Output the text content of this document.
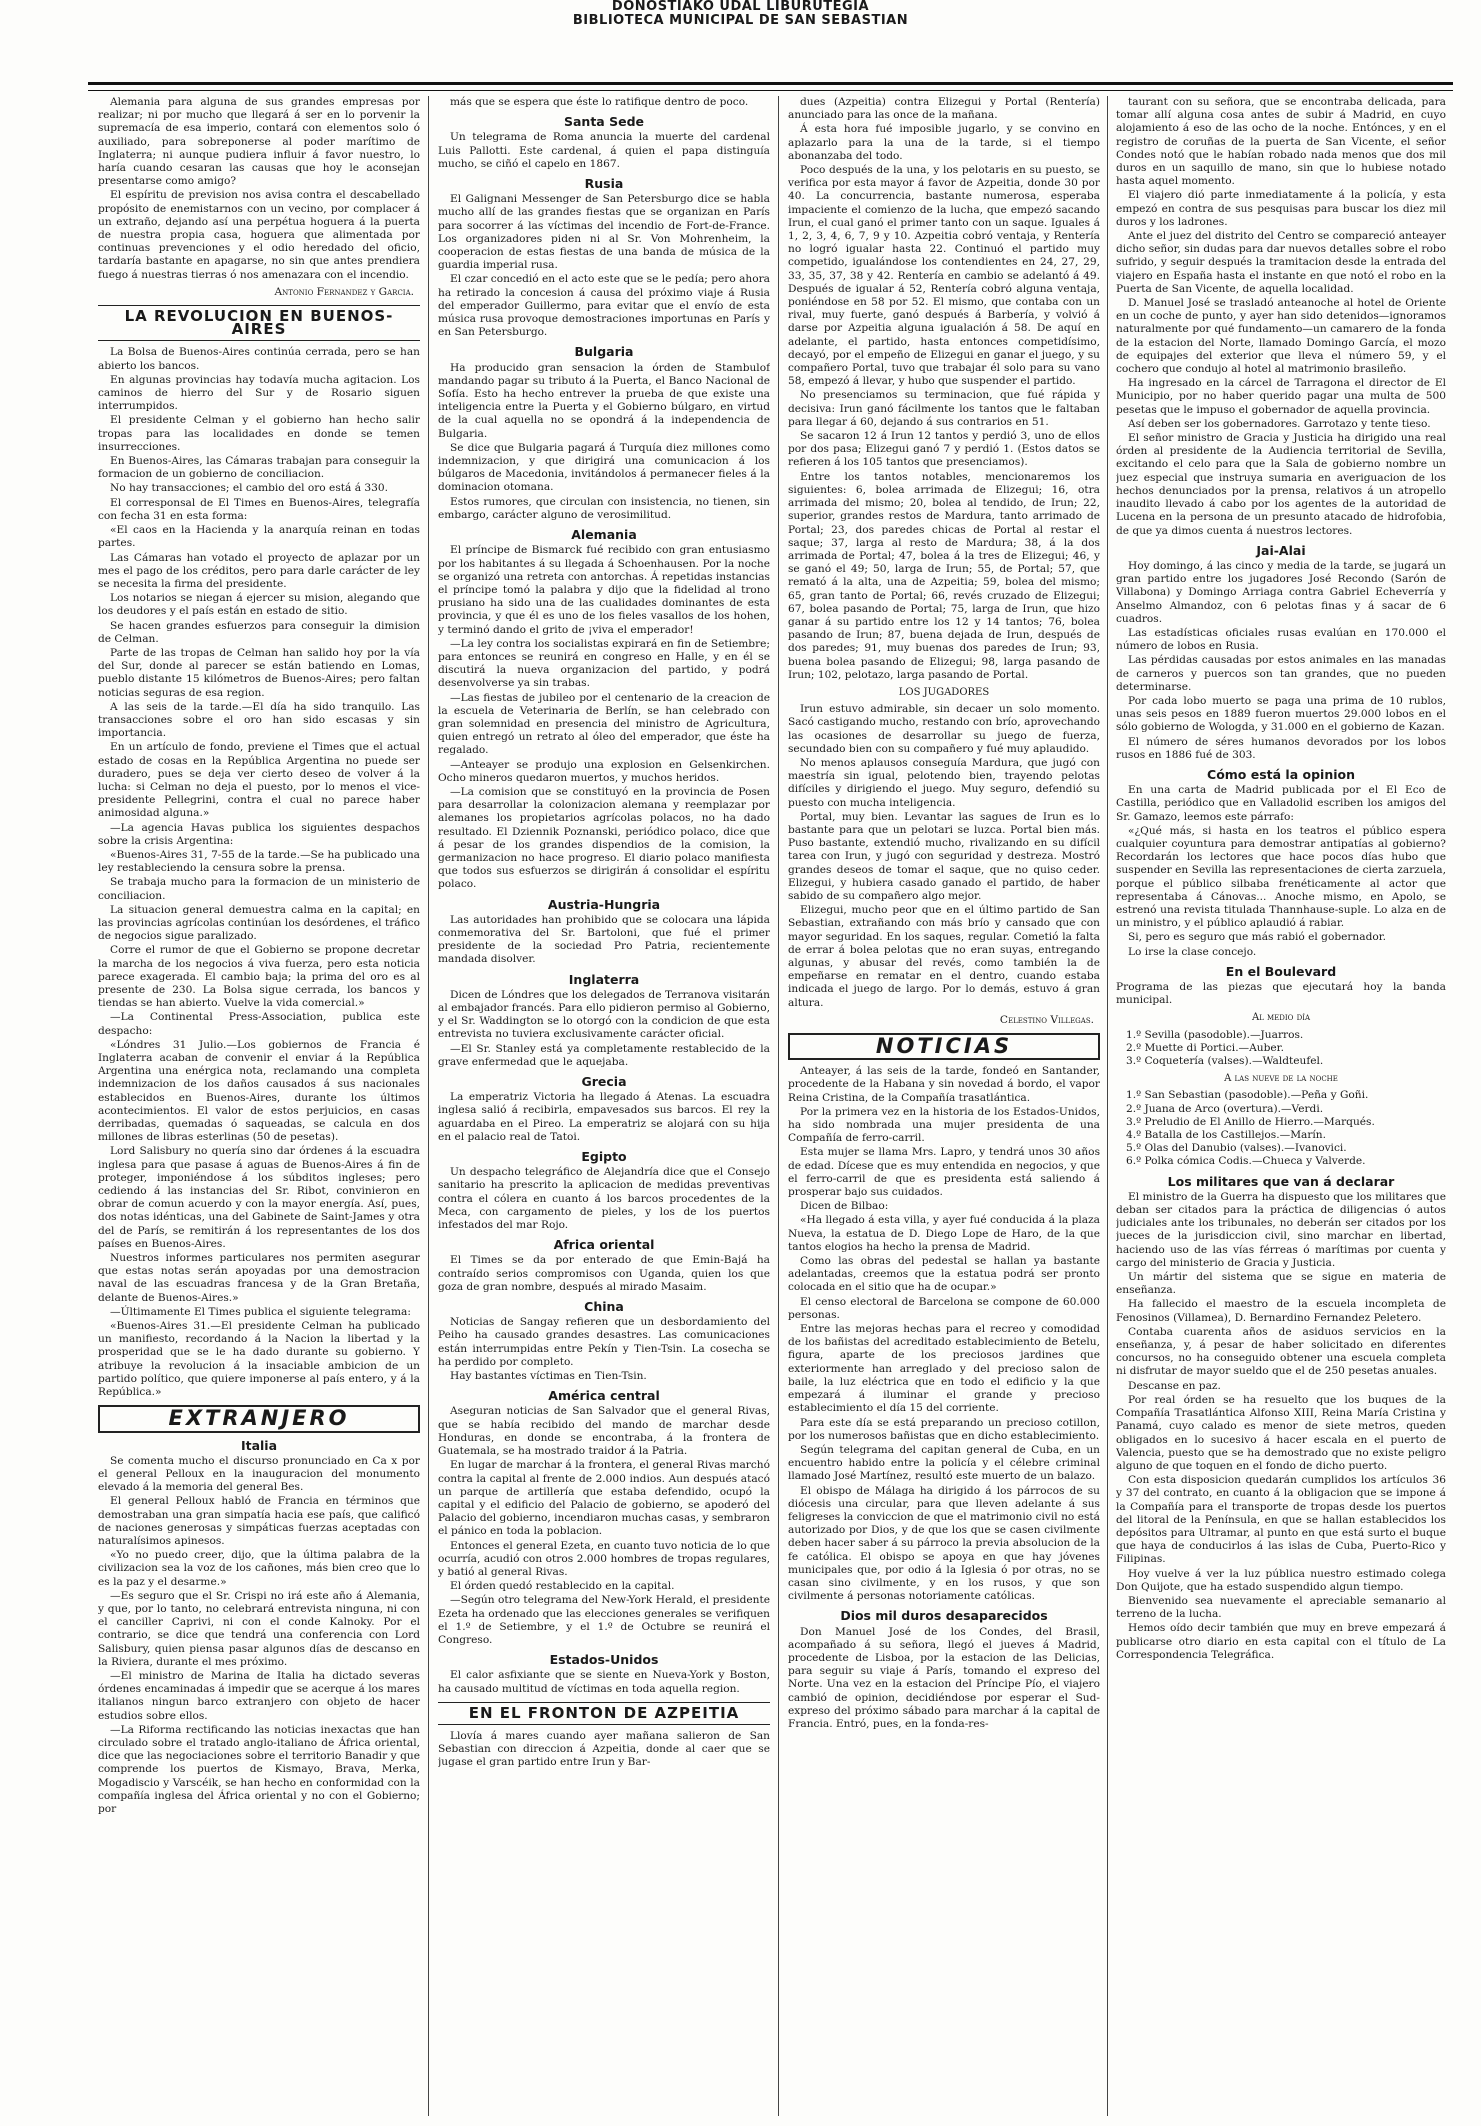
DONOSTIAKO UDAL LIBURUTEGIA
BIBLIOTECA MUNICIPAL DE SAN SEBASTIAN

Alemania para alguna de sus grandes empresas por realizar; ni por mucho que llegará á ser en lo porvenir la supremacía de esa imperio, contará con elementos solo ó auxiliado, para sobreponerse al poder marítimo de Inglaterra; ni aunque pudiera influir á favor nuestro, lo haría cuando cesaran las causas que hoy le aconsejan presentarse como amigo?

El espíritu de prevision nos avisa contra el descabellado propósito de enemistarnos con un vecino, por complacer á un extraño, dejando así una perpétua hoguera á la puerta de nuestra propia casa, hoguera que alimentada por continuas prevenciones y el odio heredado del oficio, tardaría bastante en apagarse, no sin que antes prendiera fuego á nuestras tierras ó nos amenazara con el incendio.

Antonio Fernandez y Garcia.

LA REVOLUCION EN BUENOS-AIRES

La Bolsa de Buenos-Aires continúa cerrada, pero se han abierto los bancos.

En algunas provincias hay todavía mucha agitacion. Los caminos de hierro del Sur y de Rosario siguen interrumpidos.

El presidente Celman y el gobierno han hecho salir tropas para las localidades en donde se temen insurrecciones.

En Buenos-Aires, las Cámaras trabajan para conseguir la formacion de un gobierno de conciliacion.

No hay transacciones; el cambio del oro está á 330.

El corresponsal de El Times en Buenos-Aires, telegrafía con fecha 31 en esta forma:

«El caos en la Hacienda y la anarquía reinan en todas partes.

Las Cámaras han votado el proyecto de aplazar por un mes el pago de los créditos, pero para darle carácter de ley se necesita la firma del presidente.

Los notarios se niegan á ejercer su mision, alegando que los deudores y el país están en estado de sitio.

Se hacen grandes esfuerzos para conseguir la dimision de Celman.

Parte de las tropas de Celman han salido hoy por la vía del Sur, donde al parecer se están batiendo en Lomas, pueblo distante 15 kilómetros de Buenos-Aires; pero faltan noticias seguras de esa region.

A las seis de la tarde.—El día ha sido tranquilo. Las transacciones sobre el oro han sido escasas y sin importancia.

En un artículo de fondo, previene el Times que el actual estado de cosas en la República Argentina no puede ser duradero, pues se deja ver cierto deseo de volver á la lucha: si Celman no deja el puesto, por lo menos el vice-presidente Pellegrini, contra el cual no parece haber animosidad alguna.»

—La agencia Havas publica los siguientes despachos sobre la crisis Argentina:

«Buenos-Aires 31, 7-55 de la tarde.—Se ha publicado una ley restableciendo la censura sobre la prensa.

Se trabaja mucho para la formacion de un ministerio de conciliacion.

La situacion general demuestra calma en la capital; en las provincias agrícolas continúan los desórdenes, el tráfico de negocios sigue paralizado.

Corre el rumor de que el Gobierno se propone decretar la marcha de los negocios á viva fuerza, pero esta noticia parece exagerada. El cambio baja; la prima del oro es al presente de 230. La Bolsa sigue cerrada, los bancos y tiendas se han abierto. Vuelve la vida comercial.»

—La Continental Press-Association, publica este despacho:

«Lóndres 31 Julio.—Los gobiernos de Francia é Inglaterra acaban de convenir el enviar á la República Argentina una enérgica nota, reclamando una completa indemnizacion de los daños causados á sus nacionales establecidos en Buenos-Aires, durante los últimos acontecimientos. El valor de estos perjuicios, en casas derribadas, quemadas ó saqueadas, se calcula en dos millones de libras esterlinas (50 de pesetas).

Lord Salisbury no quería sino dar órdenes á la escuadra inglesa para que pasase á aguas de Buenos-Aires á fin de proteger, imponiéndose á los súbditos ingleses; pero cediendo á las instancias del Sr. Ribot, convinieron en obrar de comun acuerdo y con la mayor energía. Así, pues, dos notas idénticas, una del Gabinete de Saint-James y otra del de París, se remitirán á los representantes de los dos países en Buenos-Aires.

Nuestros informes particulares nos permiten asegurar que estas notas serán apoyadas por una demostracion naval de las escuadras francesa y de la Gran Bretaña, delante de Buenos-Aires.»

—Últimamente El Times publica el siguiente telegrama:

«Buenos-Aires 31.—El presidente Celman ha publicado un manifiesto, recordando á la Nacion la libertad y la prosperidad que se le ha dado durante su gobierno. Y atribuye la revolucion á la insaciable ambicion de un partido político, que quiere imponerse al país entero, y á la República.»

EXTRANJERO
Italia

Se comenta mucho el discurso pronunciado en Ca x por el general Pelloux en la inauguracion del monumento elevado á la memoria del general Bes.

El general Pelloux habló de Francia en términos que demostraban una gran simpatía hacia ese país, que calificó de naciones generosas y simpáticas fuerzas aceptadas con naturalísimos apinesos.

«Yo no puedo creer, dijo, que la última palabra de la civilizacion sea la voz de los cañones, más bien creo que lo es la paz y el desarme.»

—Es seguro que el Sr. Crispi no irá este año á Alemania, y que, por lo tanto, no celebrará entrevista ninguna, ni con el canciller Caprivi, ni con el conde Kalnoky. Por el contrario, se dice que tendrá una conferencia con Lord Salisbury, quien piensa pasar algunos días de descanso en la Riviera, durante el mes próximo.

—El ministro de Marina de Italia ha dictado severas órdenes encaminadas á impedir que se acerque á los mares italianos ningun barco extranjero con objeto de hacer estudios sobre ellos.

—La Riforma rectificando las noticias inexactas que han circulado sobre el tratado anglo-italiano de África oriental, dice que las negociaciones sobre el territorio Banadir y que comprende los puertos de Kismayo, Brava, Merka, Mogadiscio y Varscéik, se han hecho en conformidad con la compañía inglesa del África oriental y no con el Gobierno; por

más que se espera que éste lo ratifique dentro de poco.

Santa Sede

Un telegrama de Roma anuncia la muerte del cardenal Luis Pallotti. Este cardenal, á quien el papa distinguía mucho, se ciñó el capelo en 1867.

Rusia

El Galignani Messenger de San Petersburgo dice se habla mucho allí de las grandes fiestas que se organizan en París para socorrer á las víctimas del incendio de Fort-de-France. Los organizadores piden ni al Sr. Von Mohrenheim, la cooperacion de estas fiestas de una banda de música de la guardia imperial rusa.

El czar concedió en el acto este que se le pedía; pero ahora ha retirado la concesion á causa del próximo viaje á Rusia del emperador Guillermo, para evitar que el envío de esta música rusa provoque demostraciones importunas en París y en San Petersburgo.

Bulgaria

Ha producido gran sensacion la órden de Stambulof mandando pagar su tributo á la Puerta, el Banco Nacional de Sofía. Esto ha hecho entrever la prueba de que existe una inteligencia entre la Puerta y el Gobierno búlgaro, en virtud de la cual aquella no se opondrá á la independencia de Bulgaria.

Se dice que Bulgaria pagará á Turquía diez millones como indemnizacion, y que dirigirá una comunicacion á los búlgaros de Macedonia, invitándolos á permanecer fieles á la dominacion otomana.

Estos rumores, que circulan con insistencia, no tienen, sin embargo, carácter alguno de verosimilitud.

Alemania

El príncipe de Bismarck fué recibido con gran entusiasmo por los habitantes á su llegada á Schoenhausen. Por la noche se organizó una retreta con antorchas. Á repetidas instancias el príncipe tomó la palabra y dijo que la fidelidad al trono prusiano ha sido una de las cualidades dominantes de esta provincia, y que él es uno de los fieles vasallos de los hohen, y terminó dando el grito de ¡viva el emperador!

—La ley contra los socialistas expirará en fin de Setiembre; para entonces se reunirá en congreso en Halle, y en él se discutirá la nueva organizacion del partido, y podrá desenvolverse ya sin trabas.

—Las fiestas de jubileo por el centenario de la creacion de la escuela de Veterinaria de Berlín, se han celebrado con gran solemnidad en presencia del ministro de Agricultura, quien entregó un retrato al óleo del emperador, que éste ha regalado.

—Anteayer se produjo una explosion en Gelsenkirchen. Ocho mineros quedaron muertos, y muchos heridos.

—La comision que se constituyó en la provincia de Posen para desarrollar la colonizacion alemana y reemplazar por alemanes los propietarios agrícolas polacos, no ha dado resultado. El Dziennik Poznanski, periódico polaco, dice que á pesar de los grandes dispendios de la comision, la germanizacion no hace progreso. El diario polaco manifiesta que todos sus esfuerzos se dirigirán á consolidar el espíritu polaco.

Austria-Hungria

Las autoridades han prohibido que se colocara una lápida conmemorativa del Sr. Bartoloni, que fué el primer presidente de la sociedad Pro Patria, recientemente mandada disolver.

Inglaterra

Dicen de Lóndres que los delegados de Terranova visitarán al embajador francés. Para ello pidieron permiso al Gobierno, y el Sr. Waddington se lo otorgó con la condicion de que esta entrevista no tuviera exclusivamente carácter oficial.

—El Sr. Stanley está ya completamente restablecido de la grave enfermedad que le aquejaba.

Grecia

La emperatriz Victoria ha llegado á Atenas. La escuadra inglesa salió á recibirla, empavesados sus barcos. El rey la aguardaba en el Pireo. La emperatriz se alojará con su hija en el palacio real de Tatoi.

Egipto

Un despacho telegráfico de Alejandría dice que el Consejo sanitario ha prescrito la aplicacion de medidas preventivas contra el cólera en cuanto á los barcos procedentes de la Meca, con cargamento de pieles, y los de los puertos infestados del mar Rojo.

Africa oriental

El Times se da por enterado de que Emin-Bajá ha contraído serios compromisos con Uganda, quien los que goza de gran nombre, después al mirado Masaim.

China

Noticias de Sangay refieren que un desbordamiento del Peiho ha causado grandes desastres. Las comunicaciones están interrumpidas entre Pekín y Tien-Tsin. La cosecha se ha perdido por completo.

Hay bastantes víctimas en Tien-Tsin.

América central

Aseguran noticias de San Salvador que el general Rivas, que se había recibido del mando de marchar desde Honduras, en donde se encontraba, á la frontera de Guatemala, se ha mostrado traidor á la Patria.

En lugar de marchar á la frontera, el general Rivas marchó contra la capital al frente de 2.000 indios. Aun después atacó un parque de artillería que estaba defendido, ocupó la capital y el edificio del Palacio de gobierno, se apoderó del Palacio del gobierno, incendiaron muchas casas, y sembraron el pánico en toda la poblacion.

Entonces el general Ezeta, en cuanto tuvo noticia de lo que ocurría, acudió con otros 2.000 hombres de tropas regulares, y batió al general Rivas.

El órden quedó restablecido en la capital.

—Según otro telegrama del New-York Herald, el presidente Ezeta ha ordenado que las elecciones generales se verifiquen el 1.º de Setiembre, y el 1.º de Octubre se reunirá el Congreso.

Estados-Unidos

El calor asfixiante que se siente en Nueva-York y Boston, ha causado multitud de víctimas en toda aquella region.

EN EL FRONTON DE AZPEITIA

Llovía á mares cuando ayer mañana salieron de San Sebastian con direccion á Azpeitia, donde al caer que se jugase el gran partido entre Irun y Bar-

dues (Azpeitia) contra Elizegui y Portal (Rentería) anunciado para las once de la mañana.

Á esta hora fué imposible jugarlo, y se convino en aplazarlo para la una de la tarde, si el tiempo abonanzaba del todo.

Poco después de la una, y los pelotaris en su puesto, se verifica por esta mayor á favor de Azpeitia, donde 30 por 40. La concurrencia, bastante numerosa, esperaba impaciente el comienzo de la lucha, que empezó sacando Irun, el cual ganó el primer tanto con un saque. Iguales á 1, 2, 3, 4, 6, 7, 9 y 10. Azpeitia cobró ventaja, y Rentería no logró igualar hasta 22. Continuó el partido muy competido, igualándose los contendientes en 24, 27, 29, 33, 35, 37, 38 y 42. Rentería en cambio se adelantó á 49. Después de igualar á 52, Rentería cobró alguna ventaja, poniéndose en 58 por 52. El mismo, que contaba con un rival, muy fuerte, ganó después á Barbería, y volvió á darse por Azpeitia alguna igualación á 58. De aquí en adelante, el partido, hasta entonces competidísimo, decayó, por el empeño de Elizegui en ganar el juego, y su compañero Portal, tuvo que trabajar él solo para su vano 58, empezó á llevar, y hubo que suspender el partido.

No presenciamos su terminacion, que fué rápida y decisiva: Irun ganó fácilmente los tantos que le faltaban para llegar á 60, dejando á sus contrarios en 51.

Se sacaron 12 á Irun 12 tantos y perdió 3, uno de ellos por dos pasa; Elizegui ganó 7 y perdió 1. (Estos datos se refieren á los 105 tantos que presenciamos).

Entre los tantos notables, mencionaremos los siguientes: 6, bolea arrimada de Elizegui; 16, otra arrimada del mismo; 20, bolea al tendido, de Irun; 22, superior, grandes restos de Mardura, tanto arrimado de Portal; 23, dos paredes chicas de Portal al restar el saque; 37, larga al resto de Mardura; 38, á la dos arrimada de Portal; 47, bolea á la tres de Elizegui; 46, y se ganó el 49; 50, larga de Irun; 55, de Portal; 57, que remató á la alta, una de Azpeitia; 59, bolea del mismo; 65, gran tanto de Portal; 66, revés cruzado de Elizegui; 67, bolea pasando de Portal; 75, larga de Irun, que hizo ganar á su partido entre los 12 y 14 tantos; 76, bolea pasando de Irun; 87, buena dejada de Irun, después de dos paredes; 91, muy buenas dos paredes de Irun; 93, buena bolea pasando de Elizegui; 98, larga pasando de Irun; 102, pelotazo, larga pasando de Portal.

LOS JUGADORES

Irun estuvo admirable, sin decaer un solo momento. Sacó castigando mucho, restando con brío, aprovechando las ocasiones de desarrollar su juego de fuerza, secundado bien con su compañero y fué muy aplaudido.

No menos aplausos conseguía Mardura, que jugó con maestría sin igual, pelotendo bien, trayendo pelotas difíciles y dirigiendo el juego. Muy seguro, defendió su puesto con mucha inteligencia.

Portal, muy bien. Levantar las sagues de Irun es lo bastante para que un pelotari se luzca. Portal bien más. Puso bastante, extendió mucho, rivalizando en su difícil tarea con Irun, y jugó con seguridad y destreza. Mostró grandes deseos de tomar el saque, que no quiso ceder. Elizegui, y hubiera casado ganado el partido, de haber sabido de su compañero algo mejor.

Elizegui, mucho peor que en el último partido de San Sebastian, extrañando con más brío y cansado que con mayor seguridad. En los saques, regular. Cometió la falta de errar á bolea pelotas que no eran suyas, entregando algunas, y abusar del revés, como también la de empeñarse en rematar en el dentro, cuando estaba indicada el juego de largo. Por lo demás, estuvo á gran altura.

Celestino Villegas.

NOTICIAS

Anteayer, á las seis de la tarde, fondeó en Santander, procedente de la Habana y sin novedad á bordo, el vapor Reina Cristina, de la Compañía trasatlántica.

Por la primera vez en la historia de los Estados-Unidos, ha sido nombrada una mujer presidenta de una Compañía de ferro-carril.

Esta mujer se llama Mrs. Lapro, y tendrá unos 30 años de edad. Dícese que es muy entendida en negocios, y que el ferro-carril de que es presidenta está saliendo á prosperar bajo sus cuidados.

Dicen de Bilbao:

«Ha llegado á esta villa, y ayer fué conducida á la plaza Nueva, la estatua de D. Diego Lope de Haro, de la que tantos elogios ha hecho la prensa de Madrid.

Como las obras del pedestal se hallan ya bastante adelantadas, creemos que la estatua podrá ser pronto colocada en el sitio que ha de ocupar.»

El censo electoral de Barcelona se compone de 60.000 personas.

Entre las mejoras hechas para el recreo y comodidad de los bañistas del acreditado establecimiento de Betelu, figura, aparte de los preciosos jardines que exteriormente han arreglado y del precioso salon de baile, la luz eléctrica que en todo el edificio y la que empezará á iluminar el grande y precioso establecimiento el día 15 del corriente.

Para este día se está preparando un precioso cotillon, por los numerosos bañistas que en dicho establecimiento.

Según telegrama del capitan general de Cuba, en un encuentro habido entre la policía y el célebre criminal llamado José Martínez, resultó este muerto de un balazo.

El obispo de Málaga ha dirigido á los párrocos de su diócesis una circular, para que lleven adelante á sus feligreses la conviccion de que el matrimonio civil no está autorizado por Dios, y de que los que se casen civilmente deben hacer saber á su párroco la previa absolucion de la fe católica. El obispo se apoya en que hay jóvenes municipales que, por odio á la Iglesia ó por otras, no se casan sino civilmente, y en los rusos, y que son civilmente á personas notoriamente católicas.

Dios mil duros desaparecidos

Don Manuel José de los Condes, del Brasil, acompañado á su señora, llegó el jueves á Madrid, procedente de Lisboa, por la estacion de las Delicias, para seguir su viaje á París, tomando el expreso del Norte. Una vez en la estacion del Príncipe Pío, el viajero cambió de opinion, decidiéndose por esperar el Sud-expreso del próximo sábado para marchar á la capital de Francia. Entró, pues, en la fonda-res-

taurant con su señora, que se encontraba delicada, para tomar allí alguna cosa antes de subir á Madrid, en cuyo alojamiento á eso de las ocho de la noche. Entónces, y en el registro de coruñas de la puerta de San Vicente, el señor Condes notó que le habían robado nada menos que dos mil duros en un saquillo de mano, sin que lo hubiese notado hasta aquel momento.

El viajero dió parte inmediatamente á la policía, y esta empezó en contra de sus pesquisas para buscar los diez mil duros y los ladrones.

Ante el juez del distrito del Centro se compareció anteayer dicho señor, sin dudas para dar nuevos detalles sobre el robo sufrido, y seguir después la tramitacion desde la entrada del viajero en España hasta el instante en que notó el robo en la Puerta de San Vicente, de aquella localidad.

D. Manuel José se trasladó anteanoche al hotel de Oriente en un coche de punto, y ayer han sido detenidos—ignoramos naturalmente por qué fundamento—un camarero de la fonda de la estacion del Norte, llamado Domingo García, el mozo de equipajes del exterior que lleva el número 59, y el cochero que condujo al hotel al matrimonio brasileño.

Ha ingresado en la cárcel de Tarragona el director de El Municipio, por no haber querido pagar una multa de 500 pesetas que le impuso el gobernador de aquella provincia.

Así deben ser los gobernadores. Garrotazo y tente tieso.

El señor ministro de Gracia y Justicia ha dirigido una real órden al presidente de la Audiencia territorial de Sevilla, excitando el celo para que la Sala de gobierno nombre un juez especial que instruya sumaria en averiguacion de los hechos denunciados por la prensa, relativos á un atropello inaudito llevado á cabo por los agentes de la autoridad de Lucena en la persona de un presunto atacado de hidrofobia, de que ya dimos cuenta á nuestros lectores.

Jai-Alai

Hoy domingo, á las cinco y media de la tarde, se jugará un gran partido entre los jugadores José Recondo (Sarón de Villabona) y Domingo Arriaga contra Gabriel Echeverría y Anselmo Almandoz, con 6 pelotas finas y á sacar de 6 cuadros.

Las estadísticas oficiales rusas evalúan en 170.000 el número de lobos en Rusia.

Las pérdidas causadas por estos animales en las manadas de carneros y puercos son tan grandes, que no pueden determinarse.

Por cada lobo muerto se paga una prima de 10 rublos, unas seis pesos en 1889 fueron muertos 29.000 lobos en el sólo gobierno de Wologda, y 31.000 en el gobierno de Kazan.

El número de séres humanos devorados por los lobos rusos en 1886 fué de 303.

Cómo está la opinion

En una carta de Madrid publicada por el El Eco de Castilla, periódico que en Valladolid escriben los amigos del Sr. Gamazo, leemos este párrafo:

«¿Qué más, si hasta en los teatros el público espera cualquier coyuntura para demostrar antipatías al gobierno? Recordarán los lectores que hace pocos días hubo que suspender en Sevilla las representaciones de cierta zarzuela, porque el público silbaba frenéticamente al actor que representaba á Cánovas... Anoche mismo, en Apolo, se estrenó una revista titulada Thannhause-suple. Lo alza en de un ministro, y el público aplaudió á rabiar.

Si, pero es seguro que más rabió el gobernador.

Lo irse la clase concejo.

En el Boulevard

Programa de las piezas que ejecutará hoy la banda municipal.

Al medio día
1.º Sevilla (pasodoble).—Juarros.
2.º Muette di Portici.—Auber.
3.º Coquetería (valses).—Waldteufel.
A las nueve de la noche
1.º San Sebastian (pasodoble).—Peña y Goñi.
2.º Juana de Arco (overtura).—Verdi.
3.º Preludio de El Anillo de Hierro.—Marqués.
4.º Batalla de los Castillejos.—Marín.
5.º Olas del Danubio (valses).—Ivanovici.
6.º Polka cómica Codis.—Chueca y Valverde.
Los militares que van á declarar

El ministro de la Guerra ha dispuesto que los militares que deban ser citados para la práctica de diligencias ó autos judiciales ante los tribunales, no deberán ser citados por los jueces de la jurisdiccion civil, sino marchar en libertad, haciendo uso de las vías férreas ó marítimas por cuenta y cargo del ministerio de Gracia y Justicia.

Un mártir del sistema que se sigue en materia de enseñanza.

Ha fallecido el maestro de la escuela incompleta de Fenosinos (Villamea), D. Bernardino Fernandez Peletero.

Contaba cuarenta años de asiduos servicios en la enseñanza, y, á pesar de haber solicitado en diferentes concursos, no ha conseguido obtener una escuela completa ni disfrutar de mayor sueldo que el de 250 pesetas anuales.

Descanse en paz.

Por real órden se ha resuelto que los buques de la Compañía Trasatlántica Alfonso XIII, Reina María Cristina y Panamá, cuyo calado es menor de siete metros, queden obligados en lo sucesivo á hacer escala en el puerto de Valencia, puesto que se ha demostrado que no existe peligro alguno de que toquen en el fondo de dicho puerto.

Con esta disposicion quedarán cumplidos los artículos 36 y 37 del contrato, en cuanto á la obligacion que se impone á la Compañía para el transporte de tropas desde los puertos del litoral de la Península, en que se hallan establecidos los depósitos para Ultramar, al punto en que está surto el buque que haya de conducirlos á las islas de Cuba, Puerto-Rico y Filipinas.

Hoy vuelve á ver la luz pública nuestro estimado colega Don Quijote, que ha estado suspendido algun tiempo.

Bienvenido sea nuevamente el apreciable semanario al terreno de la lucha.

Hemos oído decir también que muy en breve empezará á publicarse otro diario en esta capital con el título de La Correspondencia Telegráfica.
